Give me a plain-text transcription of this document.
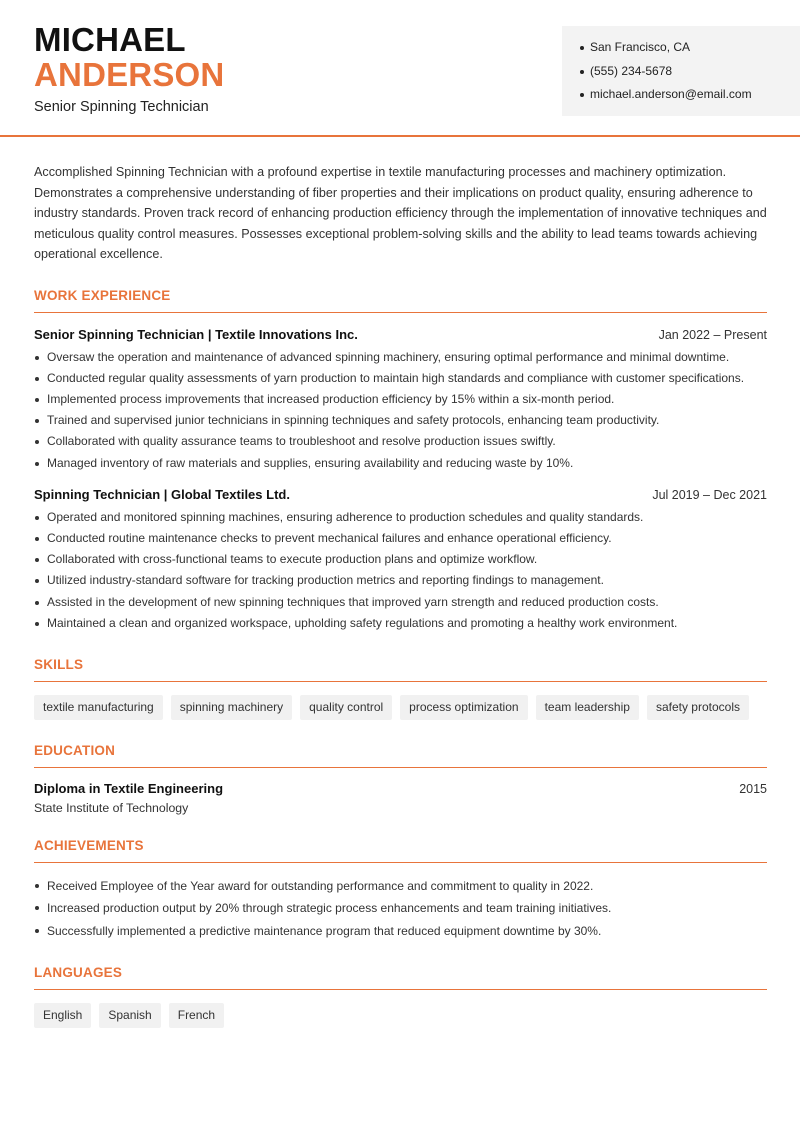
MICHAEL
ANDERSON
Senior Spinning Technician
San Francisco, CA
(555) 234-5678
michael.anderson@email.com

Accomplished Spinning Technician with a profound expertise in textile manufacturing processes and machinery optimization. Demonstrates a comprehensive understanding of fiber properties and their implications on product quality, ensuring adherence to industry standards. Proven track record of enhancing production efficiency through the implementation of innovative techniques and meticulous quality control measures. Possesses exceptional problem-solving skills and the ability to lead teams towards achieving operational excellence.

WORK EXPERIENCE
Senior Spinning Technician | Textile Innovations Inc.	Jan 2022 – Present
Oversaw the operation and maintenance of advanced spinning machinery, ensuring optimal performance and minimal downtime.
Conducted regular quality assessments of yarn production to maintain high standards and compliance with customer specifications.
Implemented process improvements that increased production efficiency by 15% within a six-month period.
Trained and supervised junior technicians in spinning techniques and safety protocols, enhancing team productivity.
Collaborated with quality assurance teams to troubleshoot and resolve production issues swiftly.
Managed inventory of raw materials and supplies, ensuring availability and reducing waste by 10%.
Spinning Technician | Global Textiles Ltd.	Jul 2019 – Dec 2021
Operated and monitored spinning machines, ensuring adherence to production schedules and quality standards.
Conducted routine maintenance checks to prevent mechanical failures and enhance operational efficiency.
Collaborated with cross-functional teams to execute production plans and optimize workflow.
Utilized industry-standard software for tracking production metrics and reporting findings to management.
Assisted in the development of new spinning techniques that improved yarn strength and reduced production costs.
Maintained a clean and organized workspace, upholding safety regulations and promoting a healthy work environment.
SKILLS
textile manufacturing	spinning machinery	quality control	process optimization	team leadership	safety protocols
EDUCATION
Diploma in Textile Engineering	2015
State Institute of Technology
ACHIEVEMENTS
Received Employee of the Year award for outstanding performance and commitment to quality in 2022.
Increased production output by 20% through strategic process enhancements and team training initiatives.
Successfully implemented a predictive maintenance program that reduced equipment downtime by 30%.
LANGUAGES
English	Spanish	French
